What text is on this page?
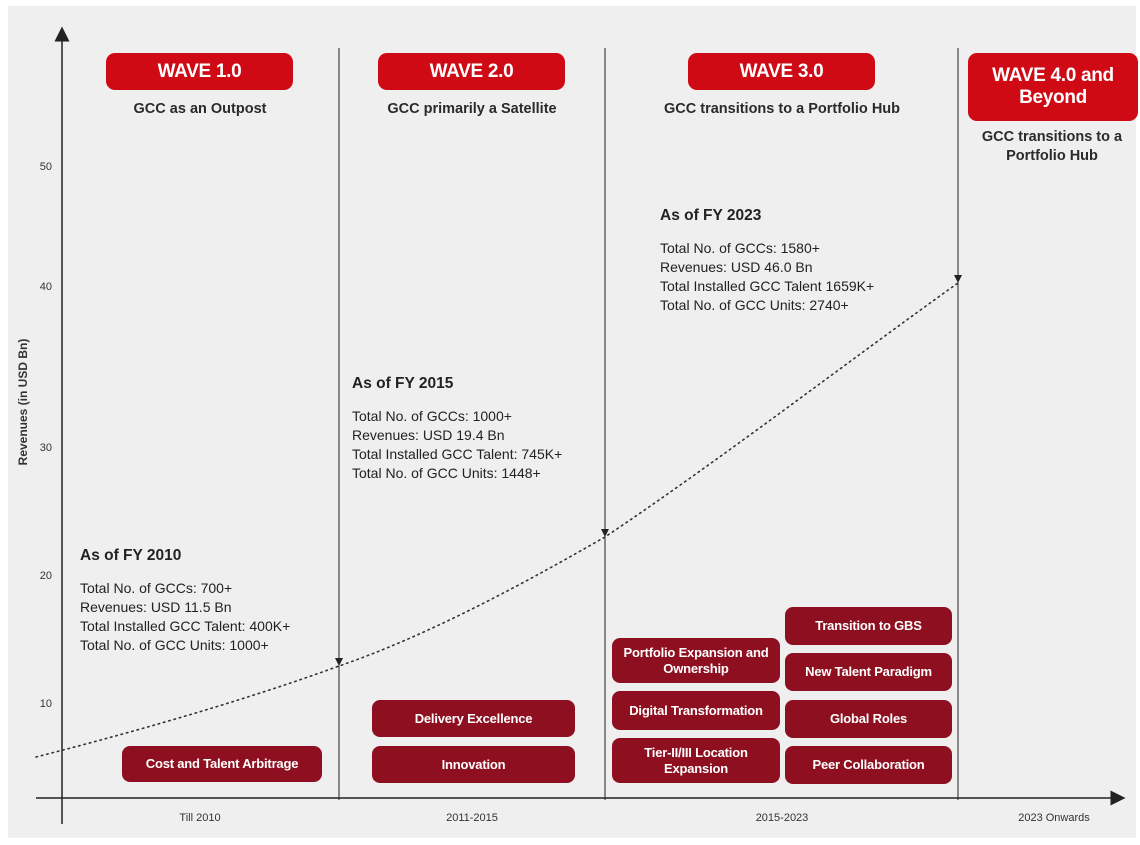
Revenues (in USD Bn)
10
20
30
40
50
Till 2010	2011-2015	2015-2023	2023 Onwards
WAVE 1.0	WAVE 2.0	WAVE 3.0	WAVE 4.0 and Beyond
GCC as an Outpost	GCC primarily a Satellite	GCC transitions to a Portfolio Hub
GCC transitions to a Portfolio Hub
As of FY 2010
Total No. of GCCs: 700+
Revenues: USD 11.5 Bn
Total Installed GCC Talent: 400K+
Total No. of GCC Units: 1000+
As of FY 2015
Total No. of GCCs: 1000+
Revenues: USD 19.4 Bn
Total Installed GCC Talent: 745K+
Total No. of GCC Units: 1448+
As of FY 2023
Total No. of GCCs: 1580+
Revenues: USD 46.0 Bn
Total Installed GCC Talent 1659K+
Total No. of GCC Units: 2740+
Cost and Talent Arbitrage
Delivery Excellence
Innovation
Portfolio Expansion and Ownership
Digital Transformation
Tier-II/III Location Expansion
Transition to GBS
New Talent Paradigm
Global Roles
Peer Collaboration
